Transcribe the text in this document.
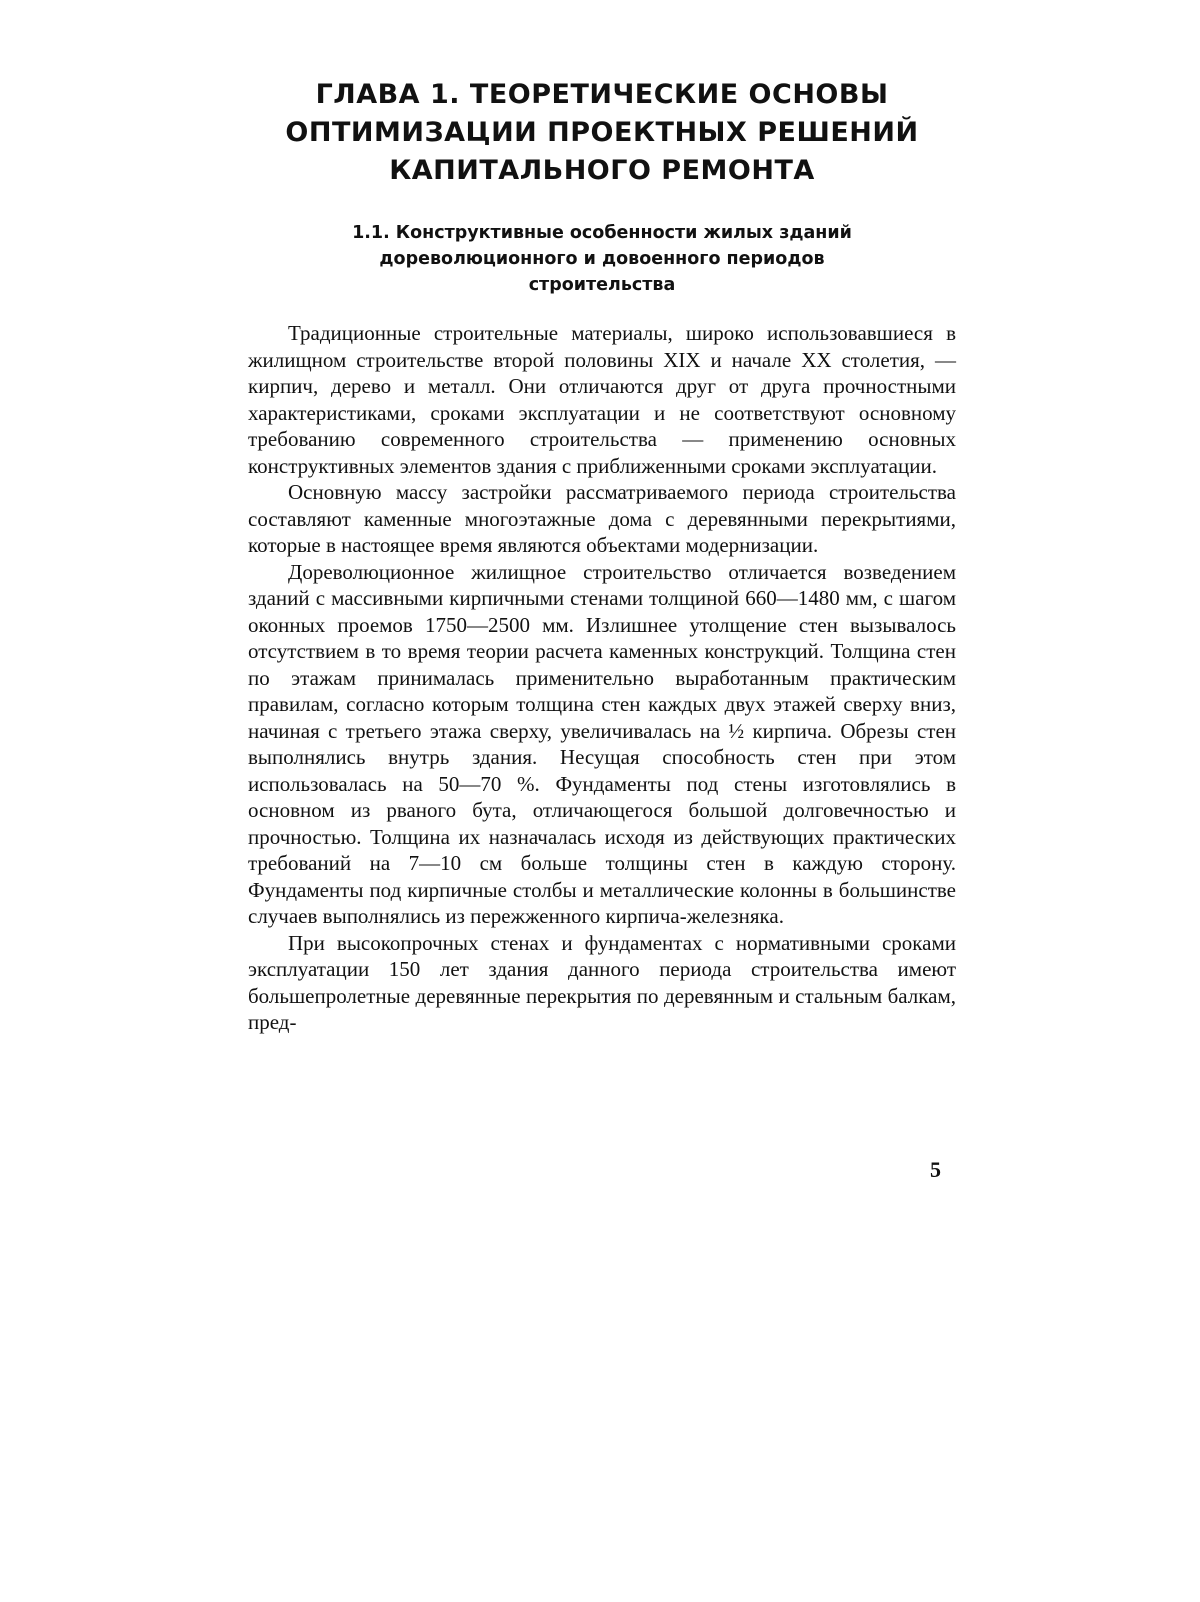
ГЛАВА 1. ТЕОРЕТИЧЕСКИЕ ОСНОВЫ
ОПТИМИЗАЦИИ ПРОЕКТНЫХ РЕШЕНИЙ
КАПИТАЛЬНОГО РЕМОНТА
1.1. Конструктивные особенности жилых зданий
дореволюционного и довоенного периодов
строительства

Традиционные строительные материалы, широко использовавшиеся в жилищном строительстве второй половины XIX и начале XX столетия, — кирпич, дерево и металл. Они отличаются друг от друга прочностными характеристиками, сроками эксплуатации и не соответствуют основному требованию современного строительства — применению основных конструктивных элементов здания с приближенными сроками эксплуатации.

Основную массу застройки рассматриваемого периода строительства составляют каменные многоэтажные дома с деревянными перекрытиями, которые в настоящее время являются объектами модернизации.

Дореволюционное жилищное строительство отличается возведением зданий с массивными кирпичными стенами толщиной 660—1480 мм, с шагом оконных проемов 1750—2500 мм. Излишнее утолщение стен вызывалось отсутствием в то время теории расчета каменных конструкций. Толщина стен по этажам принималась применительно выработанным практическим правилам, согласно которым толщина стен каждых двух этажей сверху вниз, начиная с третьего этажа сверху, увеличивалась на ½ кирпича. Обрезы стен выполнялись внутрь здания. Несущая способность стен при этом использовалась на 50—70 %. Фундаменты под стены изготовлялись в основном из рваного бута, отличающегося большой долговечностью и прочностью. Толщина их назначалась исходя из действующих практических требований на 7—10 см больше толщины стен в каждую сторону. Фундаменты под кирпичные столбы и металлические колонны в большинстве случаев выполнялись из пережженного кирпича-железняка.

При высокопрочных стенах и фундаментах с нормативными сроками эксплуатации 150 лет здания данного периода строительства имеют большепролетные деревянные перекрытия по деревянным и стальным балкам, пред-

5
